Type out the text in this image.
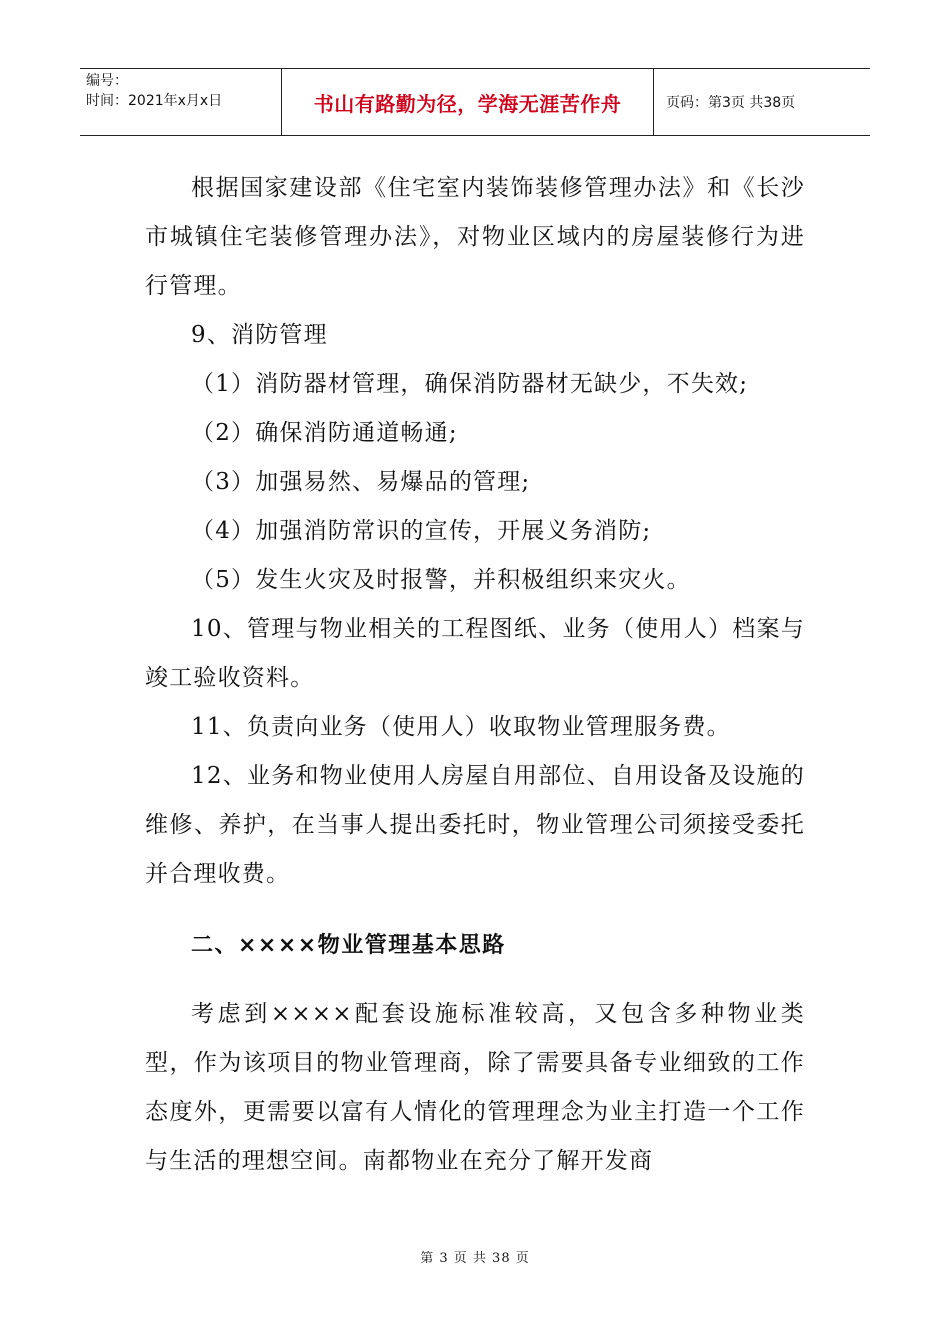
编号：
时间：2021年x月x日	书山有路勤为径，学海无涯苦作舟	页码：第3页 共38页

根据国家建设部《住宅室内装饰装修管理办法》和《长沙市城镇住宅装修管理办法》，对物业区域内的房屋装修行为进行管理。

9、消防管理

（1）消防器材管理，确保消防器材无缺少，不失效;

（2）确保消防通道畅通;

（3）加强易然、易爆品的管理;

（4）加强消防常识的宣传，开展义务消防;

（5）发生火灾及时报警，并积极组织来灾火。

10、管理与物业相关的工程图纸、业务（使用人）档案与竣工验收资料。

11、负责向业务（使用人）收取物业管理服务费。

12、业务和物业使用人房屋自用部位、自用设备及设施的维修、养护，在当事人提出委托时，物业管理公司须接受委托并合理收费。

二、××××物业管理基本思路

考虑到××××配套设施标准较高，又包含多种物业类型，作为该项目的物业管理商，除了需要具备专业细致的工作态度外，更需要以富有人情化的管理理念为业主打造一个工作与生活的理想空间。南都物业在充分了解开发商

第 3 页 共 38 页
